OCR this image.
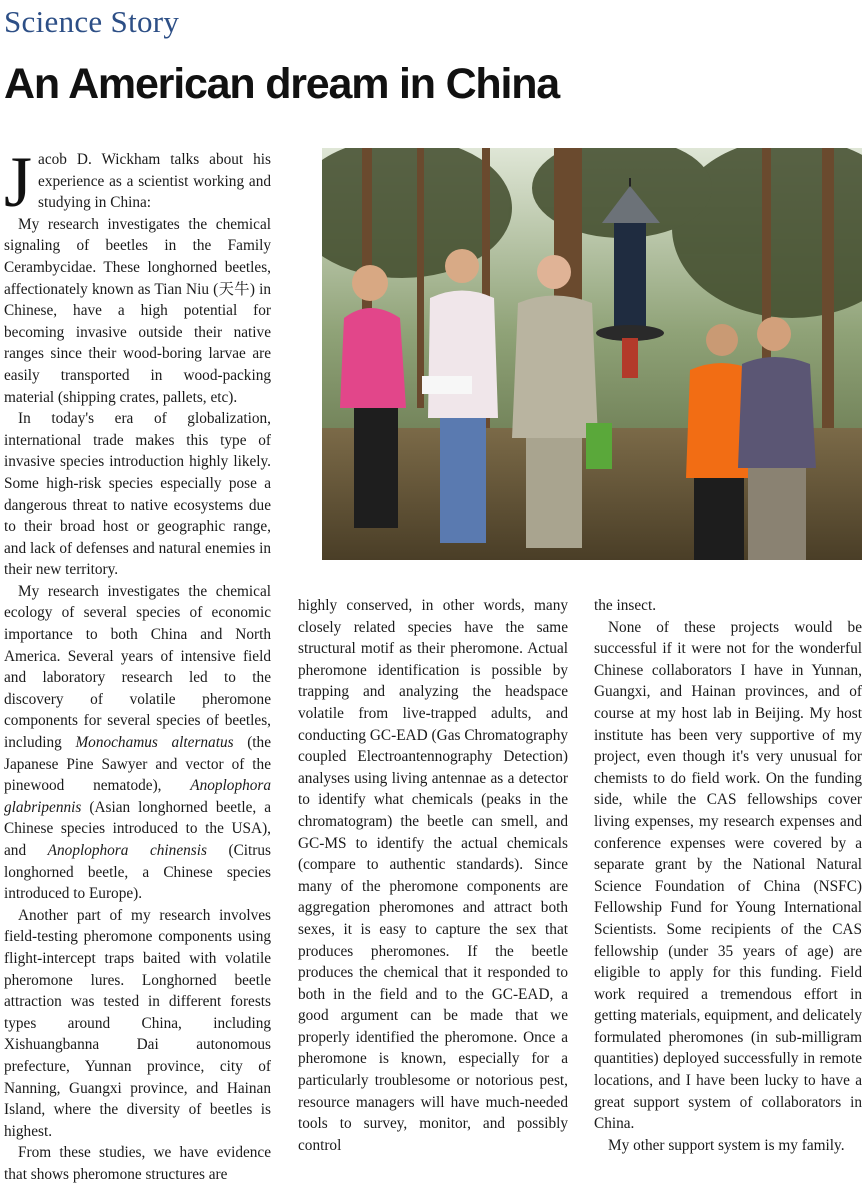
Science Story
An American dream in China

Jacob D. Wickham talks about his experience as a scientist working and studying in China:

My research investigates the chemical signaling of beetles in the Family Cerambycidae. These longhorned beetles, affectionately known as Tian Niu (天牛) in Chinese, have a high potential for becoming invasive outside their native ranges since their wood-boring larvae are easily transported in wood-packing material (shipping crates, pallets, etc).

In today's era of globalization, international trade makes this type of invasive species introduction highly likely. Some high-risk species especially pose a dangerous threat to native ecosystems due to their broad host or geographic range, and lack of defenses and natural enemies in their new territory.

My research investigates the chemical ecology of several species of economic importance to both China and North America. Several years of intensive field and laboratory research led to the discovery of volatile pheromone components for several species of beetles, including Monochamus alternatus (the Japanese Pine Sawyer and vector of the pinewood nematode), Anoplophora glabripennis (Asian longhorned beetle, a Chinese species introduced to the USA), and Anoplophora chinensis (Citrus longhorned beetle, a Chinese species introduced to Europe).

Another part of my research involves field-testing pheromone components using flight-intercept traps baited with volatile pheromone lures. Longhorned beetle attraction was tested in different forests types around China, including Xishuangbanna Dai autonomous prefecture, Yunnan province, city of Nanning, Guangxi province, and Hainan Island, where the diversity of beetles is highest.

From these studies, we have evidence that shows pheromone structures are

highly conserved, in other words, many closely related species have the same structural motif as their pheromone. Actual pheromone identification is possible by trapping and analyzing the headspace volatile from live-trapped adults, and conducting GC-EAD (Gas Chromatography coupled Electroantennography Detection) analyses using living antennae as a detector to identify what chemicals (peaks in the chromatogram) the beetle can smell, and GC-MS to identify the actual chemicals (compare to authentic standards). Since many of the pheromone components are aggregation pheromones and attract both sexes, it is easy to capture the sex that produces pheromones. If the beetle produces the chemical that it responded to both in the field and to the GC-EAD, a good argument can be made that we properly identified the pheromone. Once a pheromone is known, especially for a particularly troublesome or notorious pest, resource managers will have much-needed tools to survey, monitor, and possibly control

the insect.

None of these projects would be successful if it were not for the wonderful Chinese collaborators I have in Yunnan, Guangxi, and Hainan provinces, and of course at my host lab in Beijing. My host institute has been very supportive of my project, even though it's very unusual for chemists to do field work. On the funding side, while the CAS fellowships cover living expenses, my research expenses and conference expenses were covered by a separate grant by the National Natural Science Foundation of China (NSFC) Fellowship Fund for Young International Scientists. Some recipients of the CAS fellowship (under 35 years of age) are eligible to apply for this funding. Field work required a tremendous effort in getting materials, equipment, and delicately formulated pheromones (in sub-milligram quantities) deployed successfully in remote locations, and I have been lucky to have a great support system of collaborators in China.

My other support system is my family.
